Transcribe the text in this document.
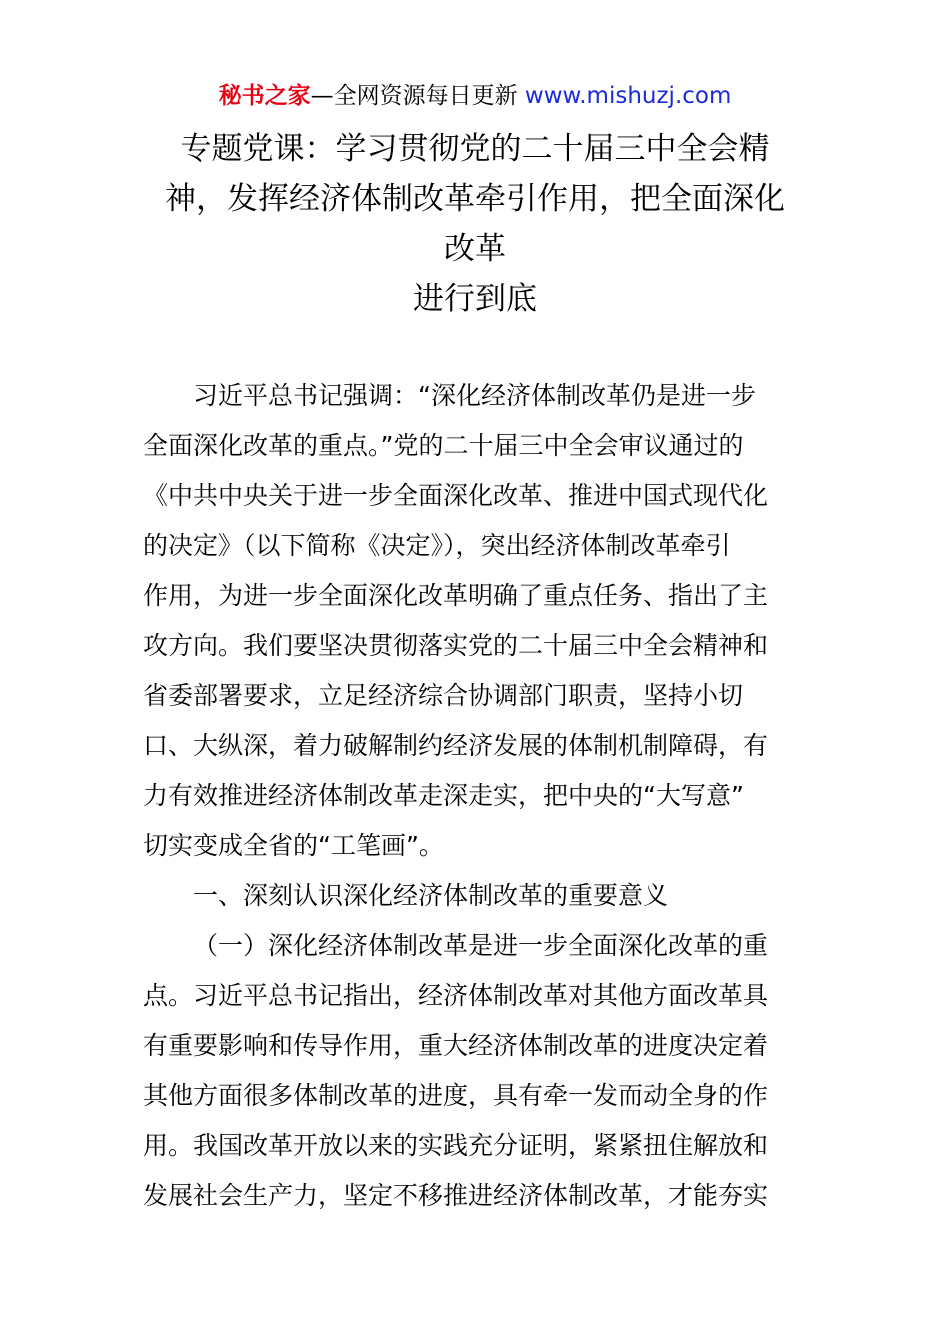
秘书之家—全网资源每日更新 www.mishuzj.com
专题党课：学习贯彻党的二十届三中全会精
神，发挥经济体制改革牵引作用，把全面深化
改革
进行到底
习近平总书记强调：“深化经济体制改革仍是进一步
全面深化改革的重点。”党的二十届三中全会审议通过的
《中共中央关于进一步全面深化改革、推进中国式现代化
的决定》（以下简称《决定》），突出经济体制改革牵引
作用，为进一步全面深化改革明确了重点任务、指出了主
攻方向。我们要坚决贯彻落实党的二十届三中全会精神和
省委部署要求，立足经济综合协调部门职责，坚持小切
口、大纵深，着力破解制约经济发展的体制机制障碍，有
力有效推进经济体制改革走深走实，把中央的“大写意”
切实变成全省的“工笔画”。
一、深刻认识深化经济体制改革的重要意义
（一）深化经济体制改革是进一步全面深化改革的重
点。习近平总书记指出，经济体制改革对其他方面改革具
有重要影响和传导作用，重大经济体制改革的进度决定着
其他方面很多体制改革的进度，具有牵一发而动全身的作
用。我国改革开放以来的实践充分证明，紧紧扭住解放和
发展社会生产力，坚定不移推进经济体制改革，才能夯实
